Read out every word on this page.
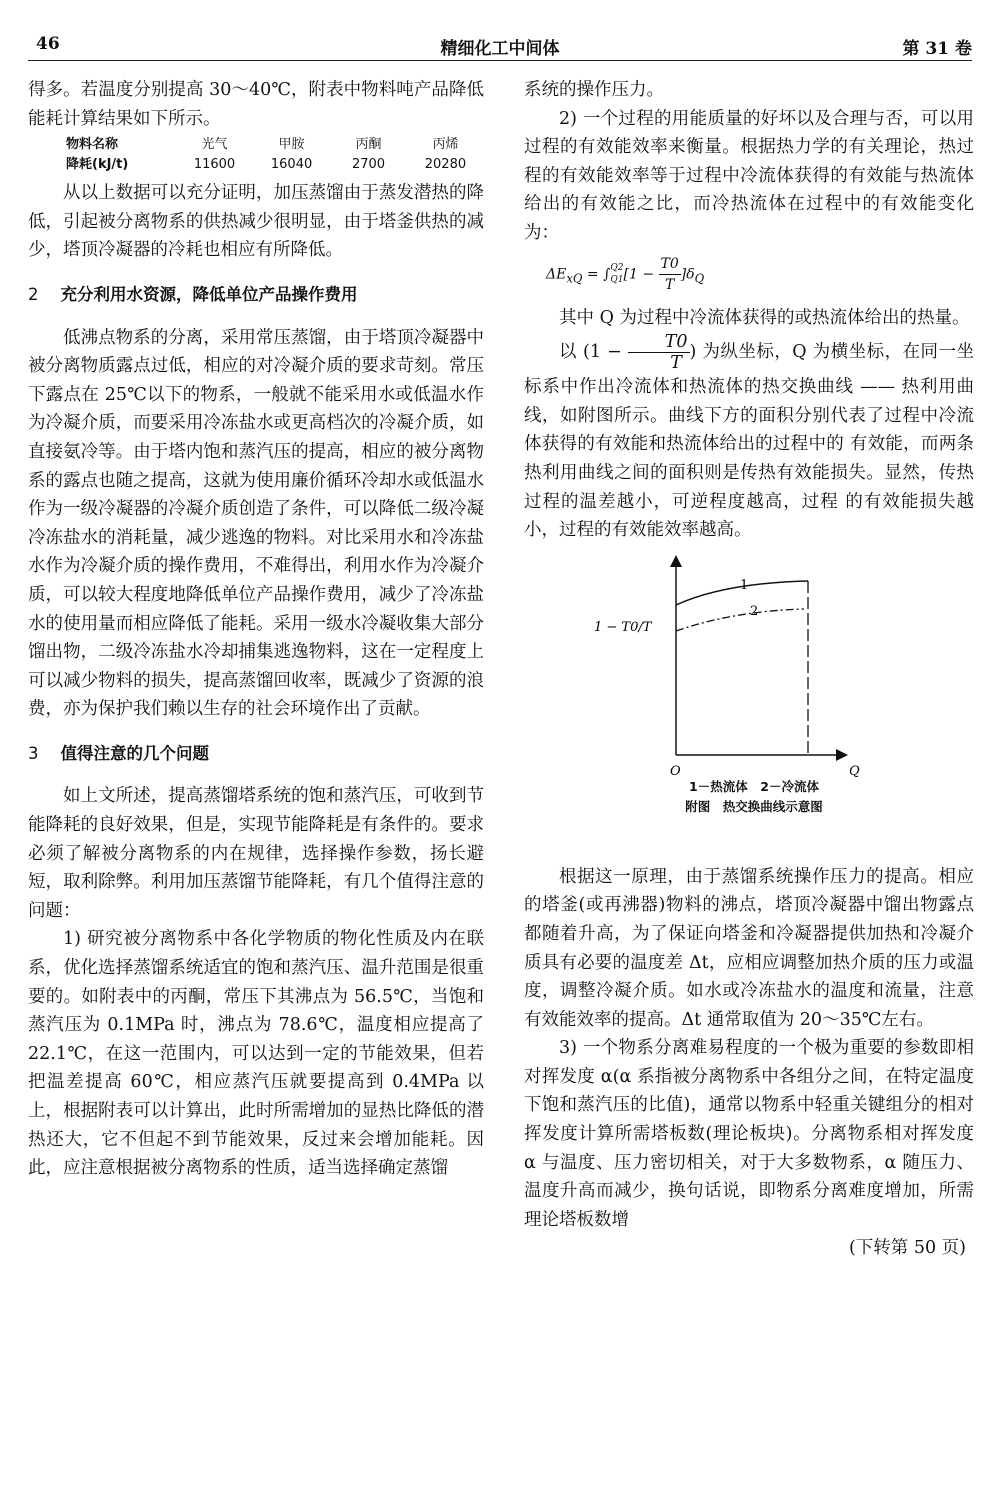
46	精细化工中间体	第 31 卷

得多。若温度分别提高 30～40℃，附表中物料吨产品降低能耗计算结果如下所示。

物料名称	光气	甲胺	丙酮	丙烯
降耗(kJ/t)	11600	16040	2700	20280

从以上数据可以充分证明，加压蒸馏由于蒸发潜热的降低，引起被分离物系的供热减少很明显，由于塔釜供热的减少，塔顶冷凝器的冷耗也相应有所降低。

2 充分利用水资源，降低单位产品操作费用

低沸点物系的分离，采用常压蒸馏，由于塔顶冷凝器中被分离物质露点过低，相应的对冷凝介质的要求苛刻。常压下露点在 25℃以下的物系，一般就不能采用水或低温水作为冷凝介质，而要采用冷冻盐水或更高档次的冷凝介质，如直接氨冷等。由于塔内饱和蒸汽压的提高，相应的被分离物系的露点也随之提高，这就为使用廉价循环冷却水或低温水作为一级冷凝器的冷凝介质创造了条件，可以降低二级冷凝冷冻盐水的消耗量，减少逃逸的物料。对比采用水和冷冻盐水作为冷凝介质的操作费用，不难得出，利用水作为冷凝介质，可以较大程度地降低单位产品操作费用，减少了冷冻盐水的使用量而相应降低了能耗。采用一级水冷凝收集大部分馏出物，二级冷冻盐水冷却捕集逃逸物料，这在一定程度上可以减少物料的损失，提高蒸馏回收率，既减少了资源的浪费，亦为保护我们赖以生存的社会环境作出了贡献。

3 值得注意的几个问题

如上文所述，提高蒸馏塔系统的饱和蒸汽压，可收到节能降耗的良好效果，但是，实现节能降耗是有条件的。要求必须了解被分离物系的内在规律，选择操作参数，扬长避短，取利除弊。利用加压蒸馏节能降耗，有几个值得注意的问题：

1) 研究被分离物系中各化学物质的物化性质及内在联系，优化选择蒸馏系统适宜的饱和蒸汽压、温升范围是很重要的。如附表中的丙酮，常压下其沸点为 56.5℃，当饱和蒸汽压为 0.1MPa 时，沸点为 78.6℃，温度相应提高了 22.1℃，在这一范围内，可以达到一定的节能效果，但若把温差提高 60℃，相应蒸汽压就要提高到 0.4MPa 以上，根据附表可以计算出，此时所需增加的显热比降低的潜热还大，它不但起不到节能效果，反过来会增加能耗。因此，应注意根据被分离物系的性质，适当选择确定蒸馏

系统的操作压力。

2) 一个过程的用能质量的好坏以及合理与否，可以用过程的有效能效率来衡量。根据热力学的有关理论，热过程的有效能效率等于过程中冷流体获得的有效能与热流体给出的有效能之比，而冷热流体在过程中的有效能变化为：

$\Delta E_{xQ}$ = ∫ Q2
Q1 $[1 - \frac{T0}{T} ]\delta_Q$

其中 Q 为过程中冷流体获得的或热流体给出的热量。

以 ($1 - \frac{T0}{T}$ ) 为纵坐标，Q 为横坐标，在同一坐标系中作出冷流体和热流体的热交换曲线 —— 热利用曲线，如附图所示。曲线下方的面积分别代表了过程中冷流体获得的有效能和热流体给出的过程中的 有效能，而两条热利用曲线之间的面积则是传热有效能损失。显然，传热过程的温差越小，可逆程度越高，过程 的有效能损失越小，过程的有效能效率越高。

1
2
1 − T0/T
O	Q
1－热流体　2－冷流体
附图　热交换曲线示意图

根据这一原理，由于蒸馏系统操作压力的提高。相应的塔釜(或再沸器)物料的沸点，塔顶冷凝器中馏出物露点都随着升高，为了保证向塔釜和冷凝器提供加热和冷凝介质具有必要的温度差 Δt，应相应调整加热介质的压力或温度，调整冷凝介质。如水或冷冻盐水的温度和流量，注意有效能效率的提高。Δt 通常取值为 20～35℃左右。

3) 一个物系分离难易程度的一个极为重要的参数即相对挥发度 α(α 系指被分离物系中各组分之间，在特定温度下饱和蒸汽压的比值)，通常以物系中轻重关键组分的相对挥发度计算所需塔板数(理论板块)。分离物系相对挥发度 α 与温度、压力密切相关，对于大多数物系，α 随压力、温度升高而减少，换句话说，即物系分离难度增加，所需理论塔板数增

(下转第 50 页)
